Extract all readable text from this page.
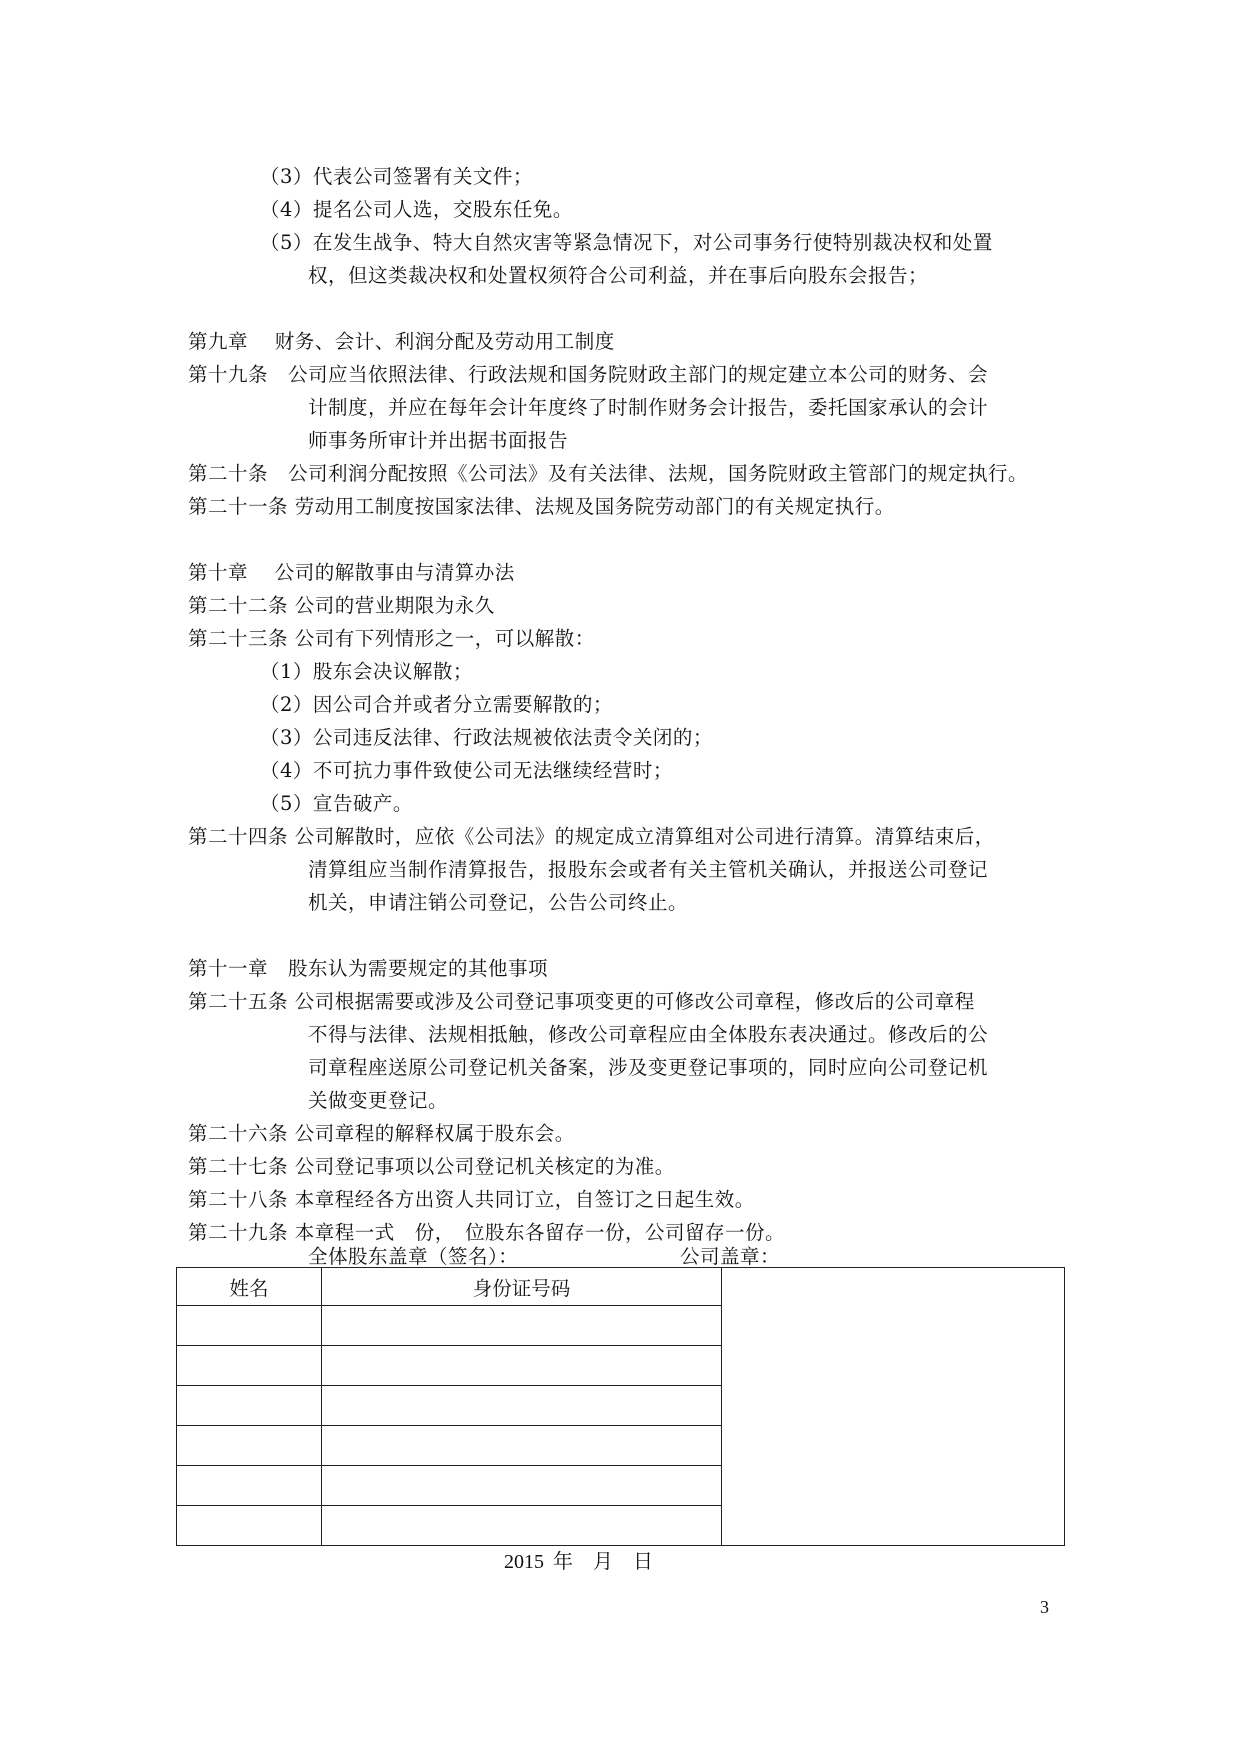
（3）代表公司签署有关文件；
（4）提名公司人选，交股东任免。
（5）在发生战争、特大自然灾害等紧急情况下，对公司事务行使特别裁决权和处置
权，但这类裁决权和处置权须符合公司利益，并在事后向股东会报告；
第九章　 财务、会计、利润分配及劳动用工制度
第十九条　公司应当依照法律、行政法规和国务院财政主部门的规定建立本公司的财务、会
计制度，并应在每年会计年度终了时制作财务会计报告，委托国家承认的会计
师事务所审计并出据书面报告
第二十条　公司利润分配按照《公司法》及有关法律、法规，国务院财政主管部门的规定执行。
第二十一条 劳动用工制度按国家法律、法规及国务院劳动部门的有关规定执行。
第十章　 公司的解散事由与清算办法
第二十二条 公司的营业期限为永久
第二十三条 公司有下列情形之一，可以解散：
（1）股东会决议解散；
（2）因公司合并或者分立需要解散的；
（3）公司违反法律、行政法规被依法责令关闭的；
（4）不可抗力事件致使公司无法继续经营时；
（5）宣告破产。
第二十四条 公司解散时，应依《公司法》的规定成立清算组对公司进行清算。清算结束后，
清算组应当制作清算报告，报股东会或者有关主管机关确认，并报送公司登记
机关，申请注销公司登记，公告公司终止。
第十一章　股东认为需要规定的其他事项
第二十五条 公司根据需要或涉及公司登记事项变更的可修改公司章程，修改后的公司章程
不得与法律、法规相抵触，修改公司章程应由全体股东表决通过。修改后的公
司章程座送原公司登记机关备案，涉及变更登记事项的，同时应向公司登记机
关做变更登记。
第二十六条 公司章程的解释权属于股东会。
第二十七条 公司登记事项以公司登记机关核定的为准。
第二十八条 本章程经各方出资人共同订立，自签订之日起生效。
第二十九条 本章程一式　份，　位股东各留存一份，公司留存一份。
全体股东盖章（签名）：	公司盖章：
姓名	身份证号码	

2015 年　月　日
3
